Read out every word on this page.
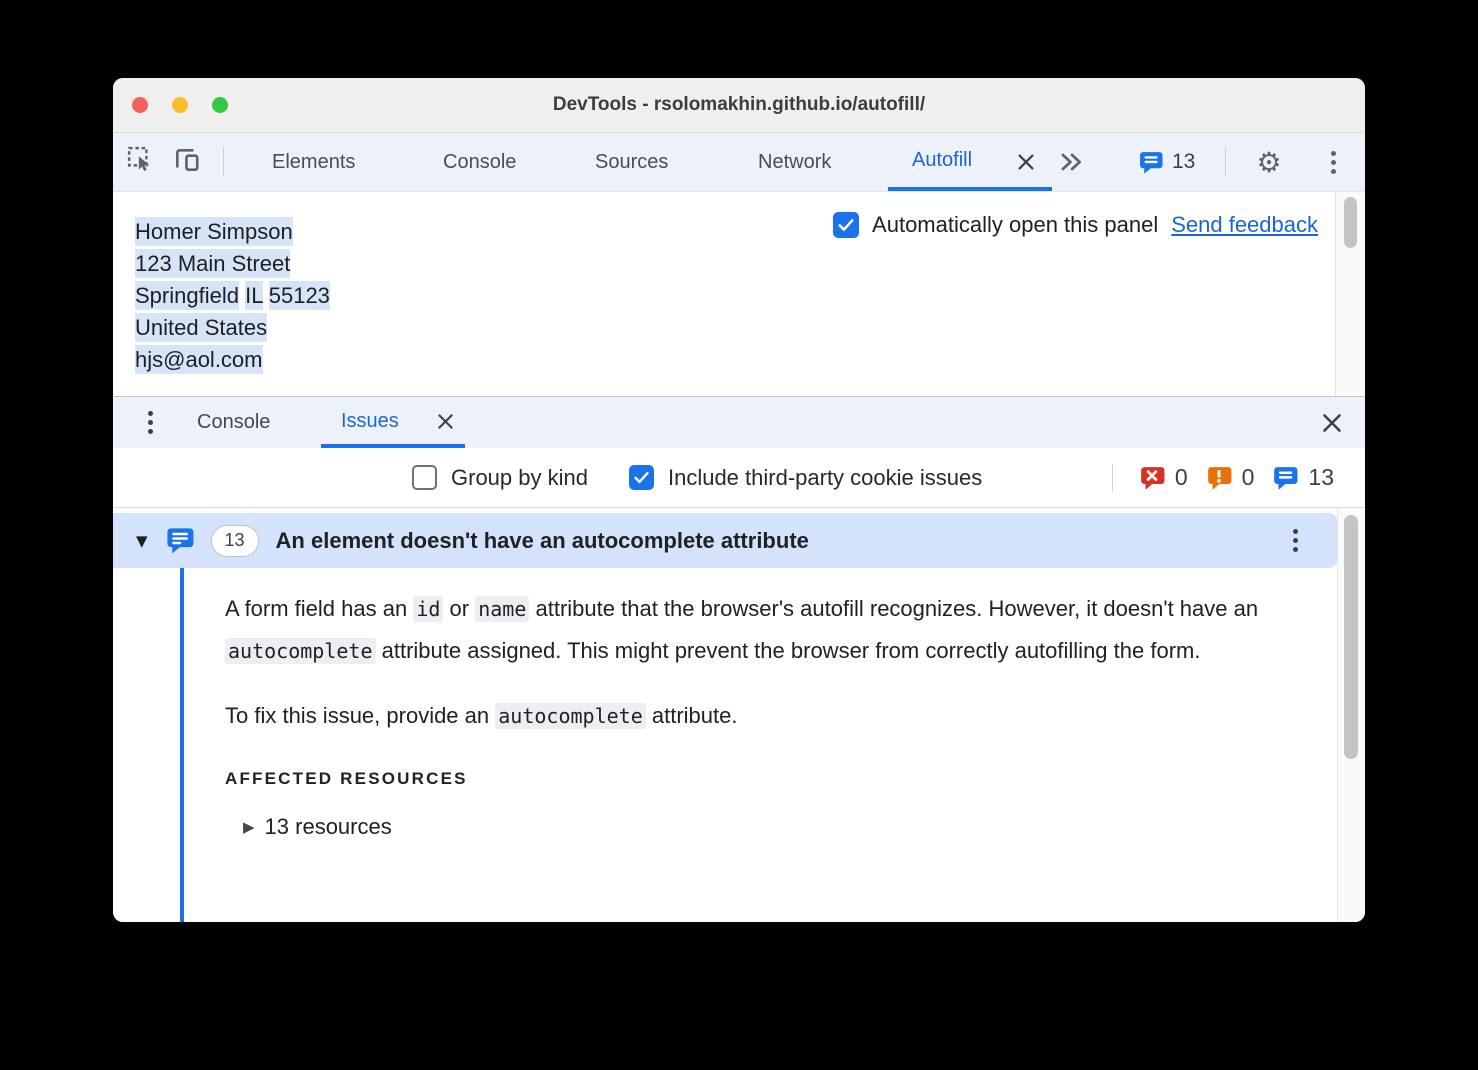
DevTools - rsolomakhin.github.io/autofill/
Elements	Console	Sources	Network	Autofill	13 ⚙
Homer Simpson
123 Main Street
Springfield IL 55123
United States
hjs@aol.com
Automatically open this panel Send feedback
Console	Issues
Group by kind	Include third-party cookie issues	0 0 13
▼	13	An element doesn't have an autocomplete attribute

A form field has an id or name attribute that the browser's autofill recognizes. However, it doesn't have an autocomplete attribute assigned. This might prevent the browser from correctly autofilling the form.

To fix this issue, provide an autocomplete attribute.

AFFECTED RESOURCES
▶ 13 resources
